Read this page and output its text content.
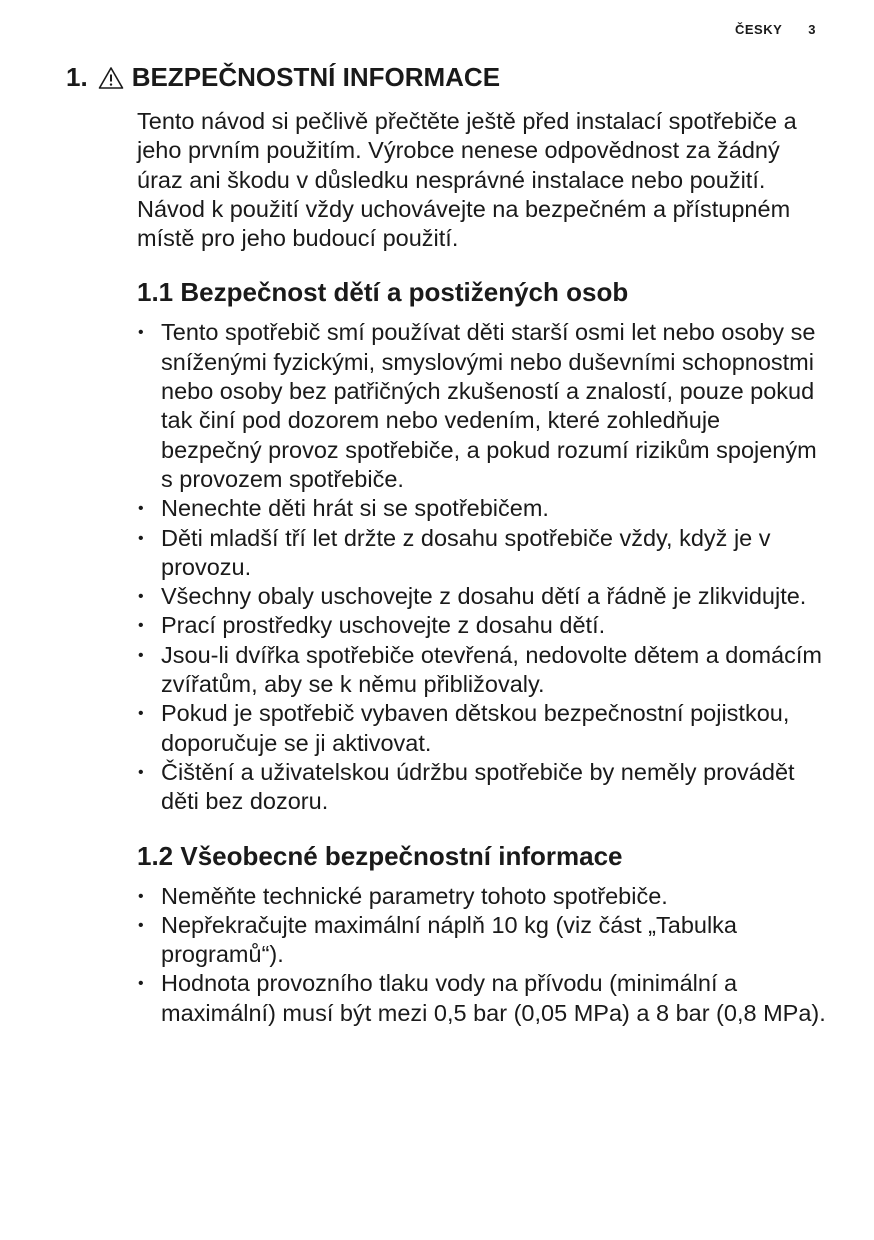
ČESKY 3
1. BEZPEČNOSTNÍ INFORMACE

Tento návod si pečlivě přečtěte ještě před instalací spotřebiče a jeho prvním použitím. Výrobce nenese odpovědnost za žádný úraz ani škodu v důsledku nesprávné instalace nebo použití. Návod k použití vždy uchovávejte na bezpečném a přístupném místě pro jeho budoucí použití.

1.1 Bezpečnost dětí a postižených osob
• Tento spotřebič smí používat děti starší osmi let nebo osoby se sníženými fyzickými, smyslovými nebo duševními schopnostmi nebo osoby bez patřičných zkušeností a znalostí, pouze pokud tak činí pod dozorem nebo vedením, které zohledňuje bezpečný provoz spotřebiče, a pokud rozumí rizikům spojeným s provozem spotřebiče.
• Nenechte děti hrát si se spotřebičem.
• Děti mladší tří let držte z dosahu spotřebiče vždy, když je v provozu.
• Všechny obaly uschovejte z dosahu dětí a řádně je zlikvidujte.
• Prací prostředky uschovejte z dosahu dětí.
• Jsou-li dvířka spotřebiče otevřená, nedovolte dětem a domácím zvířatům, aby se k němu přibližovaly.
• Pokud je spotřebič vybaven dětskou bezpečnostní pojistkou, doporučuje se ji aktivovat.
• Čištění a uživatelskou údržbu spotřebiče by neměly provádět děti bez dozoru.
1.2 Všeobecné bezpečnostní informace
• Neměňte technické parametry tohoto spotřebiče.
• Nepřekračujte maximální náplň 10 kg (viz část „Tabulka programů“).
• Hodnota provozního tlaku vody na přívodu (minimální a maximální) musí být mezi 0,5 bar (0,05 MPa) a 8 bar (0,8 MPa).
